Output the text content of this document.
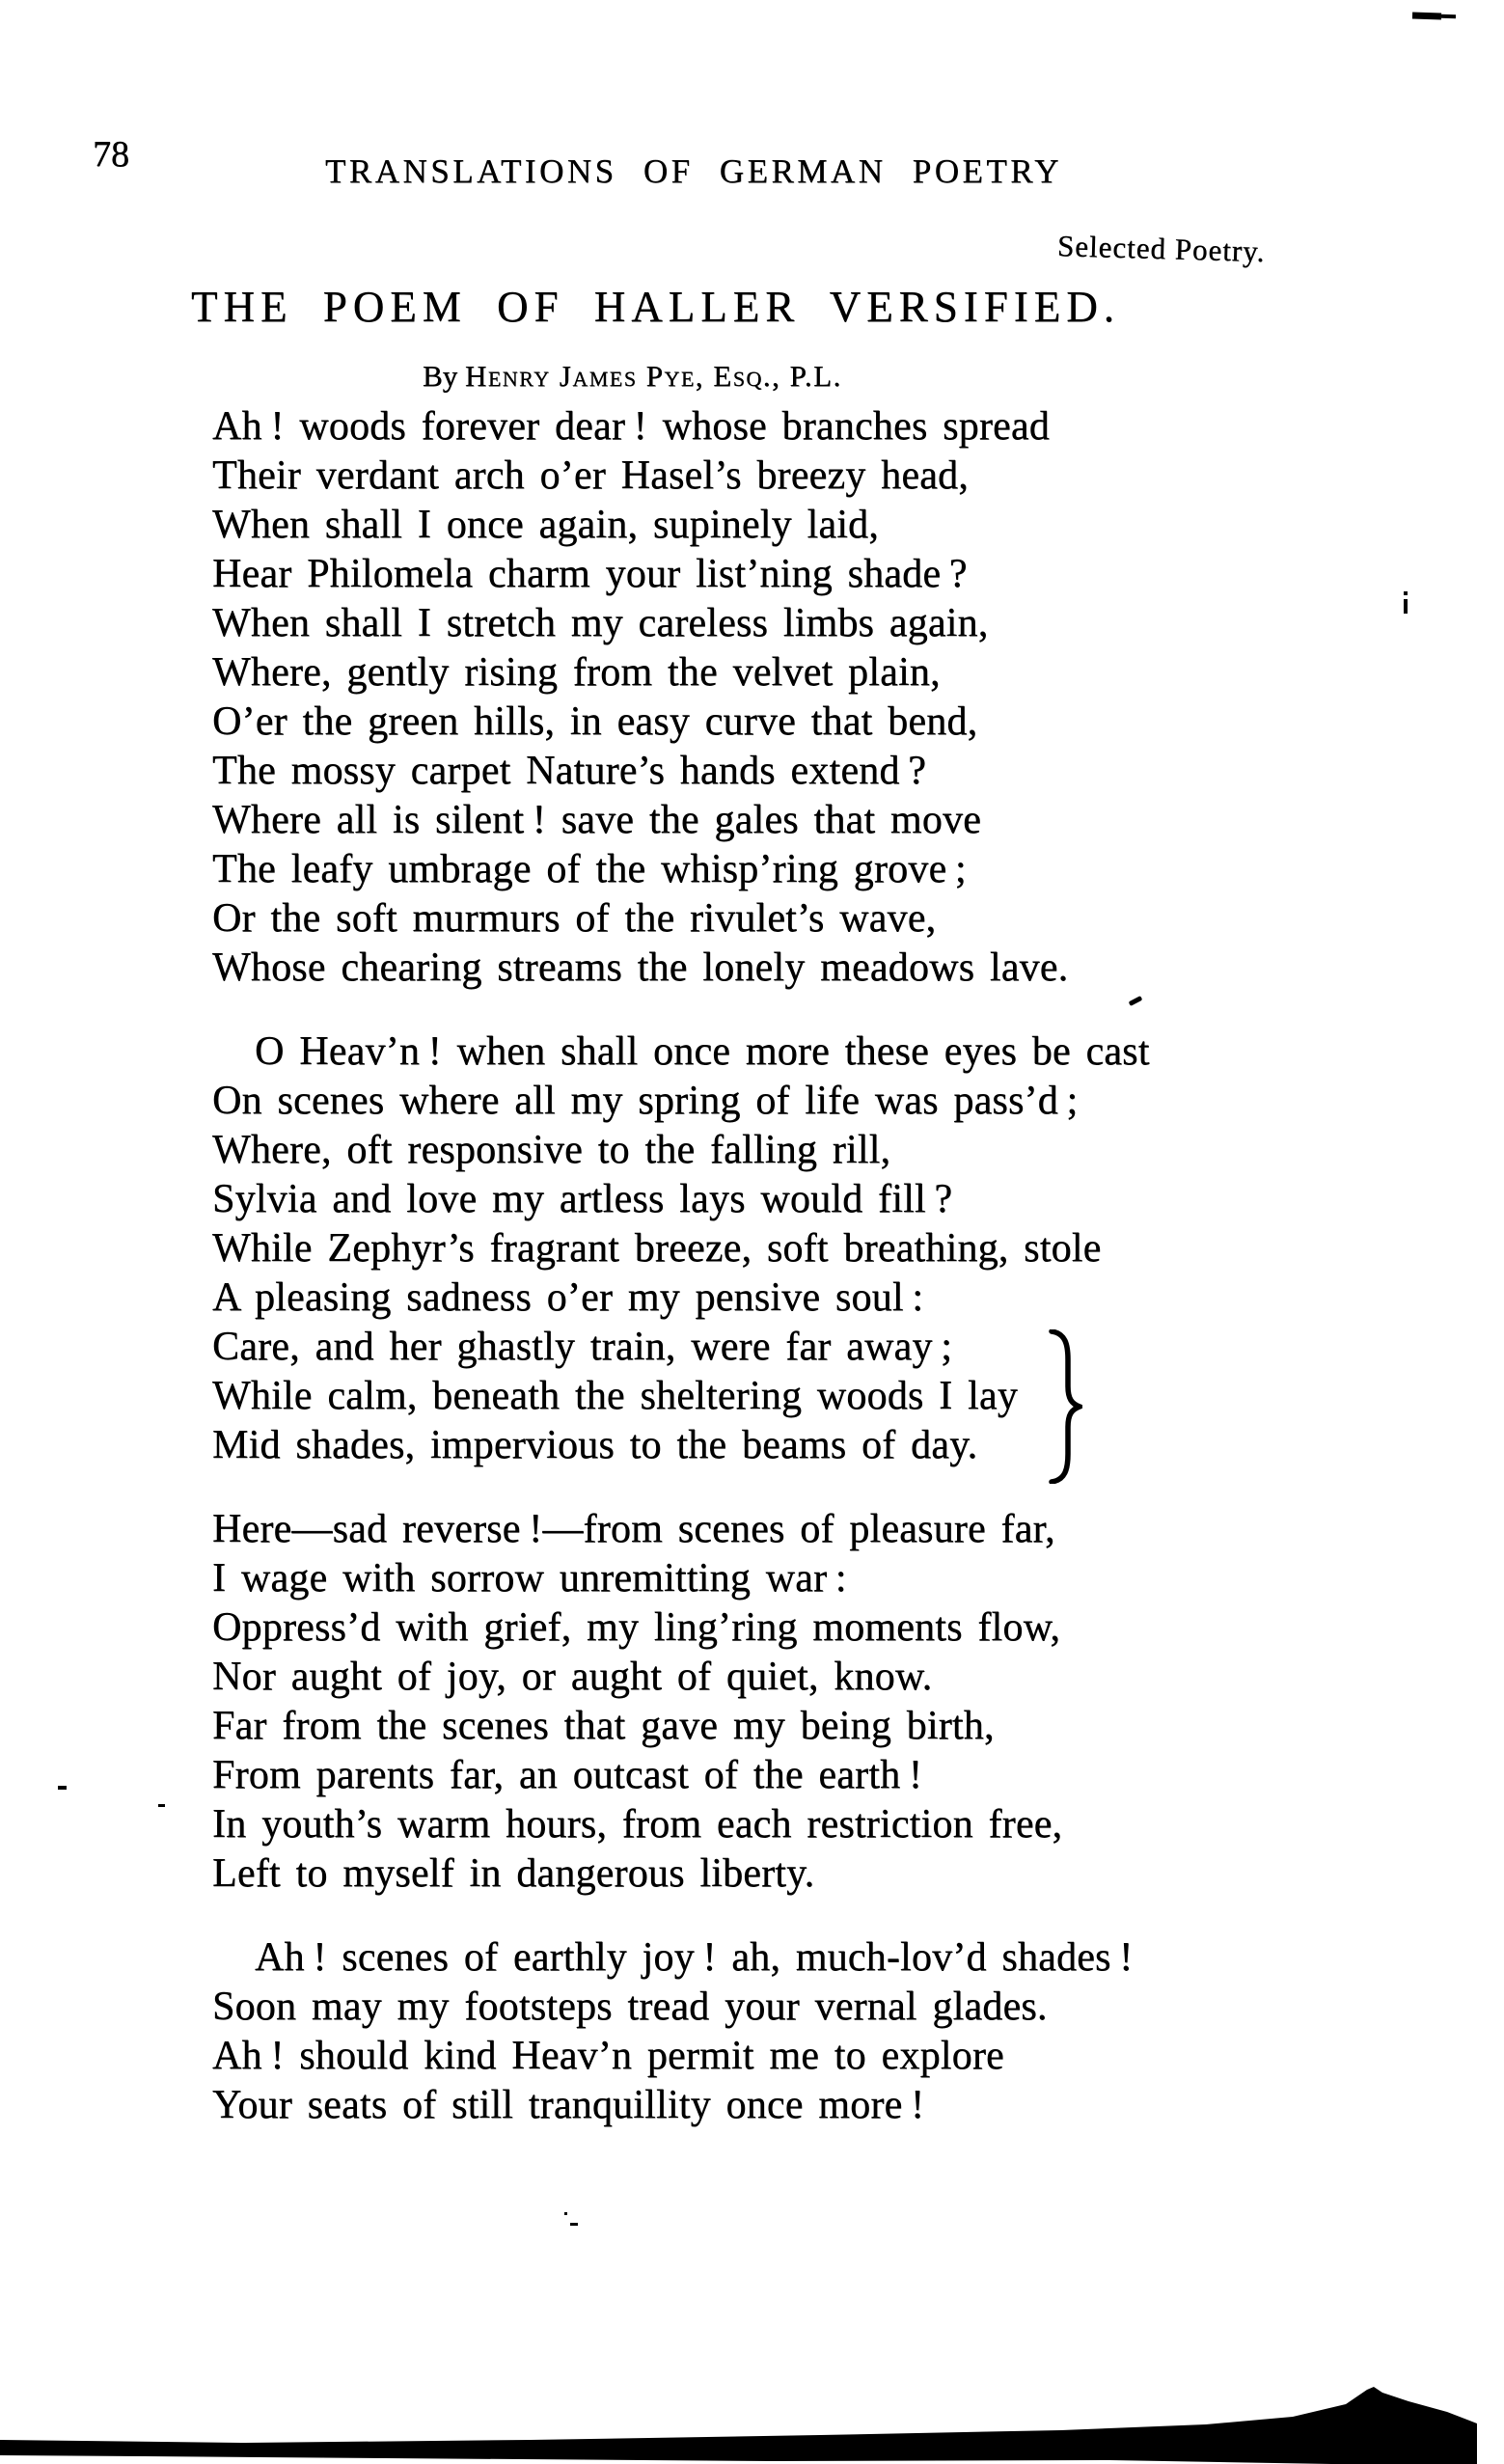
78	TRANSLATIONS OF GERMAN POETRY
Selected Poetry.
THE POEM OF HALLER VERSIFIED.
By Henry James Pye, Esq., P.L.
Ah ! woods forever dear ! whose branches spread
Their verdant arch o’er Hasel’s breezy head,
When shall I once again, supinely laid,
Hear Philomela charm your list’ning shade ?
When shall I stretch my careless limbs again,
Where, gently rising from the velvet plain,
O’er the green hills, in easy curve that bend,
The mossy carpet Nature’s hands extend ?
Where all is silent ! save the gales that move
The leafy umbrage of the whisp’ring grove ;
Or the soft murmurs of the rivulet’s wave,
Whose chearing streams the lonely meadows lave.
O Heav’n ! when shall once more these eyes be cast
On scenes where all my spring of life was pass’d ;
Where, oft responsive to the falling rill,
Sylvia and love my artless lays would fill ?
While Zephyr’s fragrant breeze, soft breathing, stole
A pleasing sadness o’er my pensive soul :
Care, and her ghastly train, were far away ;
While calm, beneath the sheltering woods I lay
Mid shades, impervious to the beams of day.
Here—sad reverse !—from scenes of pleasure far,
I wage with sorrow unremitting war :
Oppress’d with grief, my ling’ring moments flow,
Nor aught of joy, or aught of quiet, know.
Far from the scenes that gave my being birth,
From parents far, an outcast of the earth !
In youth’s warm hours, from each restriction free,
Left to myself in dangerous liberty.
Ah ! scenes of earthly joy ! ah, much-lov’d shades !
Soon may my footsteps tread your vernal glades.
Ah ! should kind Heav’n permit me to explore
Your seats of still tranquillity once more !
